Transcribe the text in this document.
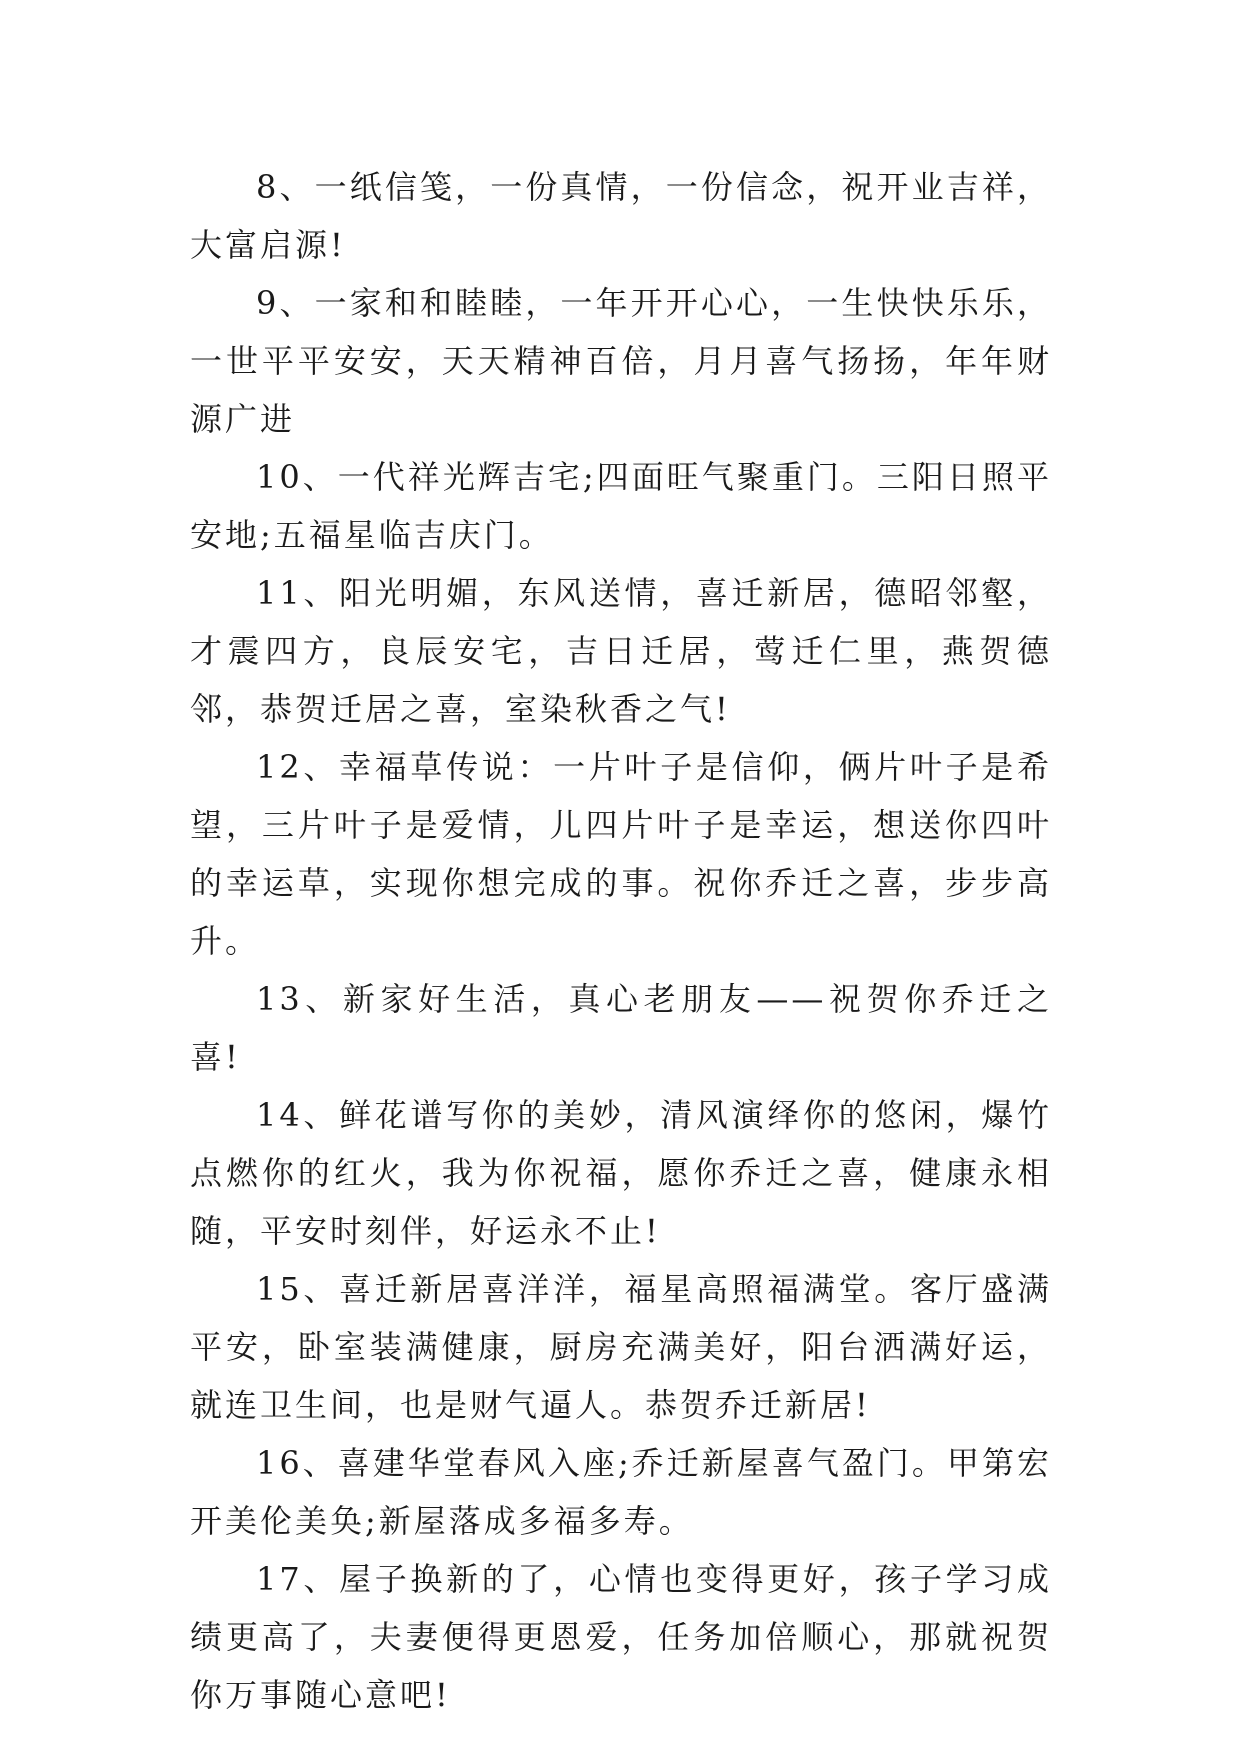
8、一纸信笺，一份真情，一份信念，祝开业吉祥，大富启源!

9、一家和和睦睦，一年开开心心，一生快快乐乐，一世平平安安，天天精神百倍，月月喜气扬扬，年年财源广进

10、一代祥光辉吉宅;四面旺气聚重门。三阳日照平安地;五福星临吉庆门。

11、阳光明媚，东风送情，喜迁新居，德昭邻壑，才震四方，良辰安宅，吉日迁居，莺迁仁里，燕贺德邻，恭贺迁居之喜，室染秋香之气!

12、幸福草传说：一片叶子是信仰，俩片叶子是希望，三片叶子是爱情，儿四片叶子是幸运，想送你四叶的幸运草，实现你想完成的事。祝你乔迁之喜，步步高升。

13、新家好生活，真心老朋友——祝贺你乔迁之喜!

14、鲜花谱写你的美妙，清风演绎你的悠闲，爆竹点燃你的红火，我为你祝福，愿你乔迁之喜，健康永相随，平安时刻伴，好运永不止!

15、喜迁新居喜洋洋，福星高照福满堂。客厅盛满平安，卧室装满健康，厨房充满美好，阳台洒满好运，就连卫生间，也是财气逼人。恭贺乔迁新居!

16、喜建华堂春风入座;乔迁新屋喜气盈门。甲第宏开美伦美奂;新屋落成多福多寿。

17、屋子换新的了，心情也变得更好，孩子学习成绩更高了，夫妻便得更恩爱，任务加倍顺心，那就祝贺你万事随心意吧!
